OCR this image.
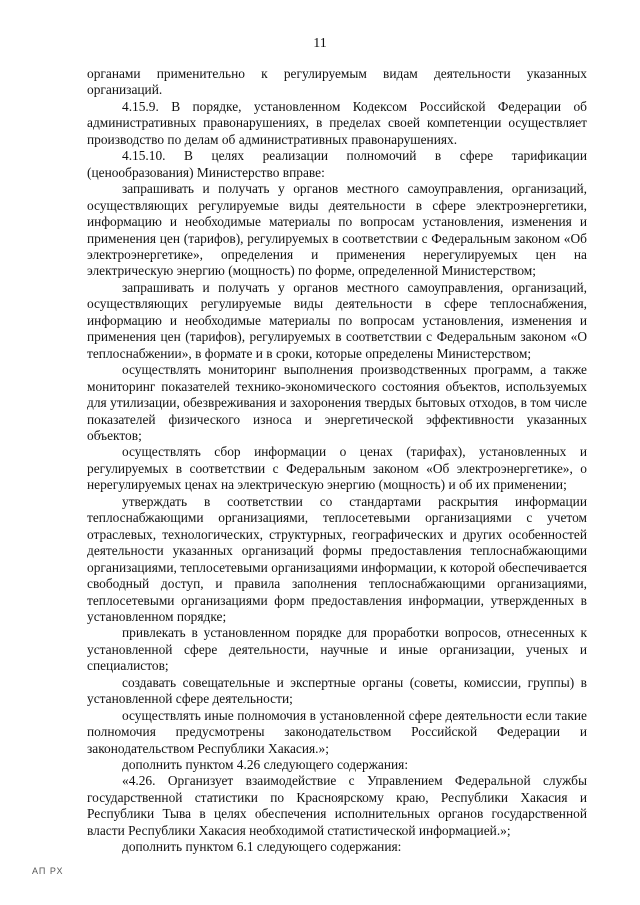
11

органами применительно к регулируемым видам деятельности указанных организаций.

4.15.9. В порядке, установленном Кодексом Российской Федерации об административных правонарушениях, в пределах своей компетенции осуществляет производство по делам об административных правонарушениях.

4.15.10. В целях реализации полномочий в сфере тарификации (ценообразования) Министерство вправе:

запрашивать и получать у органов местного самоуправления, организаций, осуществляющих регулируемые виды деятельности в сфере электроэнергетики, информацию и необходимые материалы по вопросам установления, изменения и применения цен (тарифов), регулируемых в соответствии с Федеральным законом «Об электроэнергетике», определения и применения нерегулируемых цен на электрическую энергию (мощность) по форме, определенной Министерством;

запрашивать и получать у органов местного самоуправления, организаций, осуществляющих регулируемые виды деятельности в сфере теплоснабжения, информацию и необходимые материалы по вопросам установления, изменения и применения цен (тарифов), регулируемых в соответствии с Федеральным законом «О теплоснабжении», в формате и в сроки, которые определены Министерством;

осуществлять мониторинг выполнения производственных программ, а также мониторинг показателей технико-экономического состояния объектов, используемых для утилизации, обезвреживания и захоронения твердых бытовых отходов, в том числе показателей физического износа и энергетической эффективности указанных объектов;

осуществлять сбор информации о ценах (тарифах), установленных и регулируемых в соответствии с Федеральным законом «Об электроэнергетике», о нерегулируемых ценах на электрическую энергию (мощность) и об их применении;

утверждать в соответствии со стандартами раскрытия информации теплоснабжающими организациями, теплосетевыми организациями с учетом отраслевых, технологических, структурных, географических и других особенностей деятельности указанных организаций формы предоставления теплоснабжающими организациями, теплосетевыми организациями информации, к которой обеспечивается свободный доступ, и правила заполнения теплоснабжающими организациями, теплосетевыми организациями форм предоставления информации, утвержденных в установленном порядке;

привлекать в установленном порядке для проработки вопросов, отнесенных к установленной сфере деятельности, научные и иные организации, ученых и специалистов;

создавать совещательные и экспертные органы (советы, комиссии, группы) в установленной сфере деятельности;

осуществлять иные полномочия в установленной сфере деятельности если такие полномочия предусмотрены законодательством Российской Федерации и законодательством Республики Хакасия.»;

дополнить пунктом 4.26 следующего содержания:

«4.26. Организует взаимодействие с Управлением Федеральной службы государственной статистики по Красноярскому краю, Республики Хакасия и Республики Тыва в целях обеспечения исполнительных органов государственной власти Республики Хакасия необходимой статистической информацией.»;

дополнить пунктом 6.1 следующего содержания:

АП РХ
